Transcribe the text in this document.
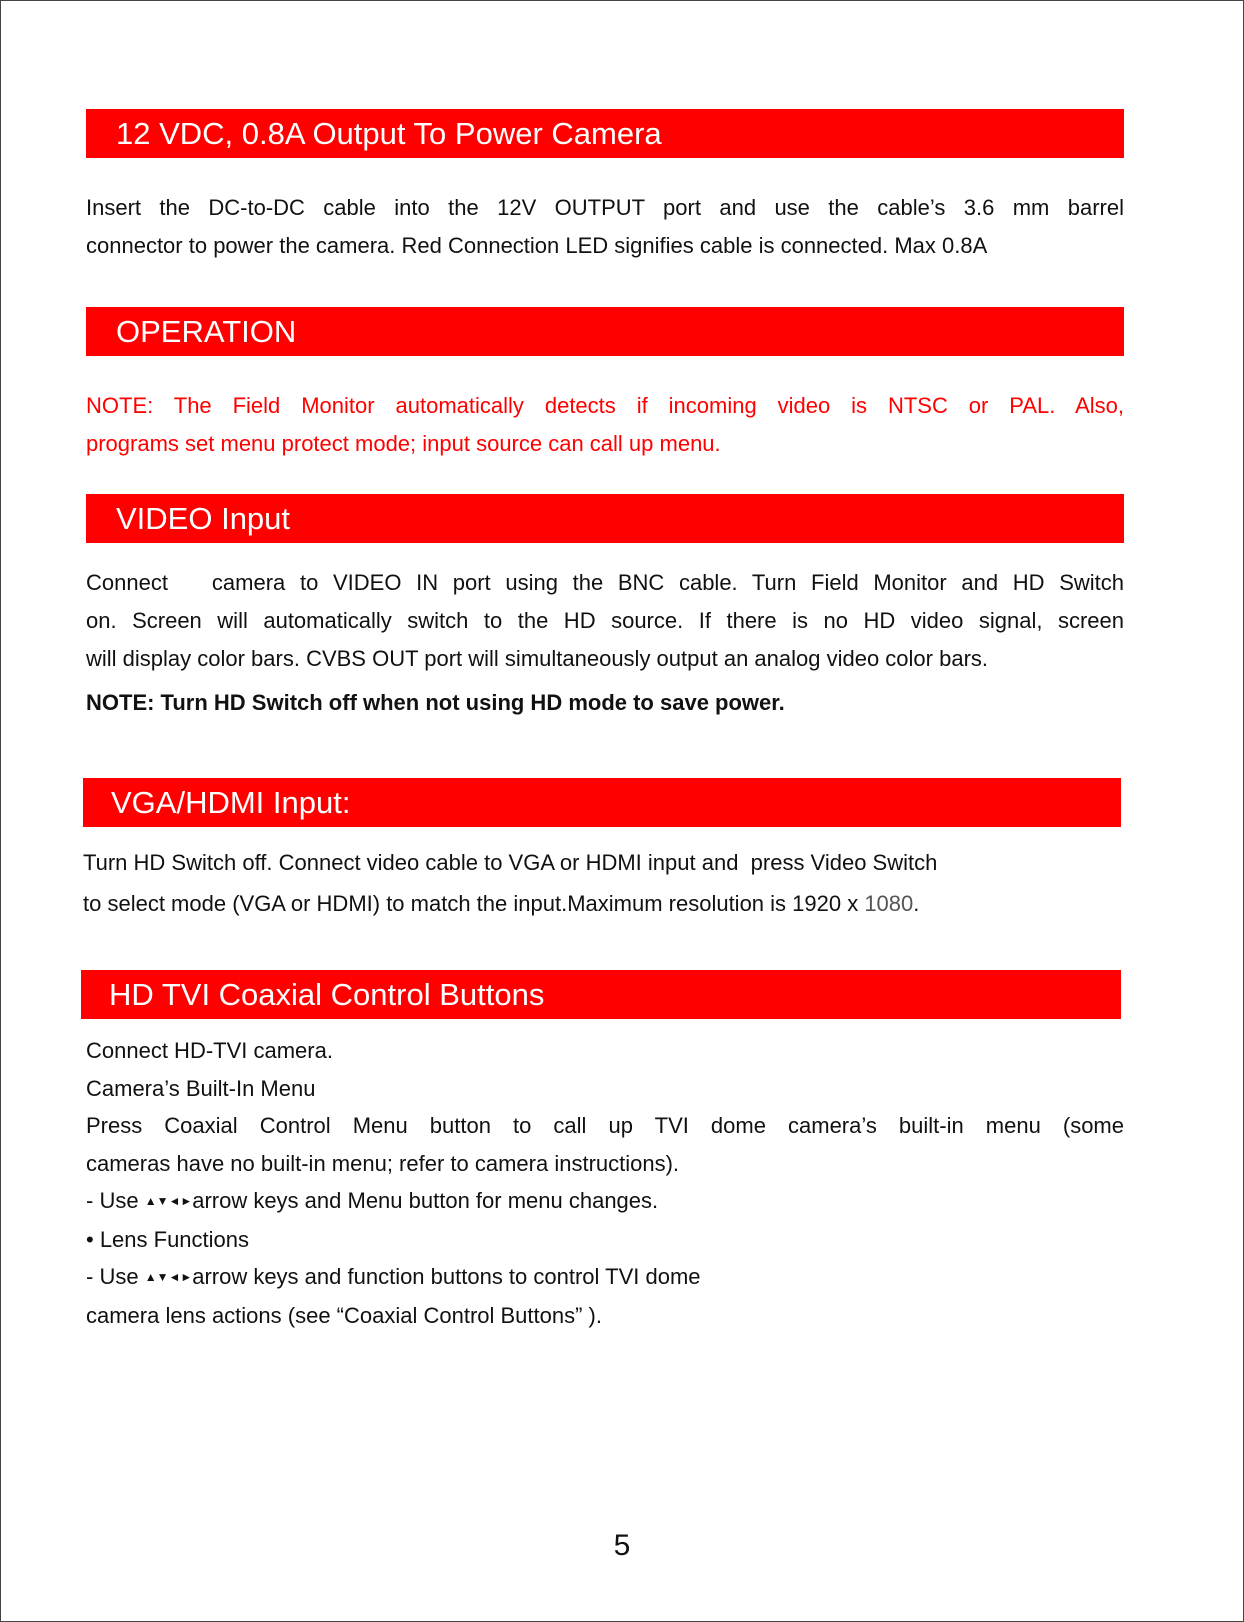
12 VDC, 0.8A Output To Power Camera
Insert the DC-to-DC cable into the 12V OUTPUT port and use the cable’s 3.6 mm barrel
connector to power the camera. Red Connection LED signifies cable is connected. Max 0.8A
OPERATION
NOTE: The Field Monitor automatically detects if incoming video is NTSC or PAL. Also,
programs set menu protect mode; input source can call up menu.
VIDEO Input
Connect   camera to VIDEO IN port using the BNC cable. Turn Field Monitor and HD Switch
on. Screen will automatically switch to the HD source. If there is no HD video signal, screen
will display color bars. CVBS OUT port will simultaneously output an analog video color bars.
NOTE: Turn HD Switch off when not using HD mode to save power.
VGA/HDMI Input:
Turn HD Switch off. Connect video cable to VGA or HDMI input and  press Video Switch
to select mode (VGA or HDMI) to match the input.Maximum resolution is 1920 x 1080.
HD TVI Coaxial Control Buttons
Connect HD-TVI camera.
Camera’s Built-In Menu
Press Coaxial Control Menu button to call up TVI dome camera’s built-in menu (some
cameras have no built-in menu; refer to camera instructions).
- Use ▲▼◄►arrow keys and Menu button for menu changes.
• Lens Functions
- Use ▲▼◄►arrow keys and function buttons to control TVI dome
camera lens actions (see “Coaxial Control Buttons” ).
5
